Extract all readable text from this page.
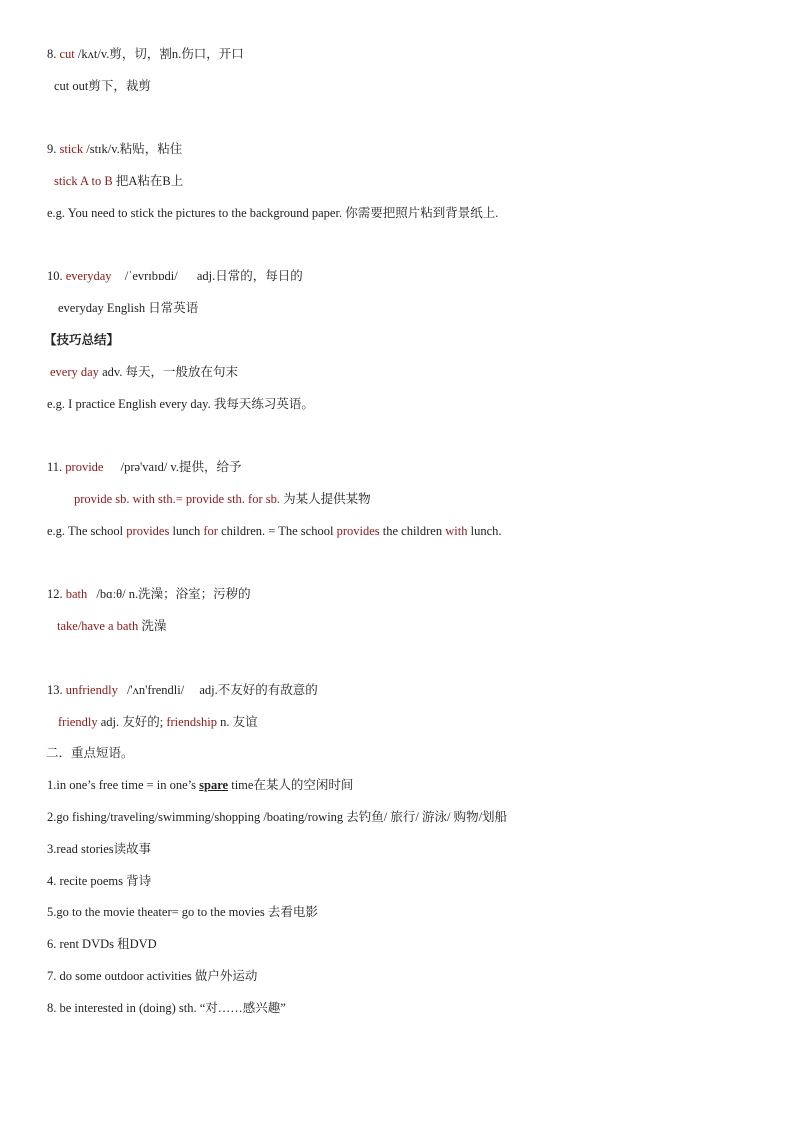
8. cut /kʌt/v.剪，切，割n.伤口，开口
cut out剪下，裁剪
9. stick /stɪk/v.粘贴，粘住
stick A to B 把A粘在B上
e.g. You need to stick the pictures to the background paper. 你需要把照片粘到背景纸上.
10. everyday /ˈevrɪbɒdi/ adj.日常的，每日的
everyday English 日常英语
【技巧总结】
every day adv. 每天，一般放在句末
e.g. I practice English every day. 我每天练习英语。
11. provide /prə'vaɪd/ v.提供，给予
provide sb. with sth.= provide sth. for sb. 为某人提供某物
e.g. The school provides lunch for children. = The school provides the children with lunch.
12. bath /bɑːθ/ n.洗澡；浴室；污秽的
take/have a bath 洗澡
13. unfriendly /'ʌn'frendli/ adj.不友好的有敌意的
friendly adj. 友好的; friendship n. 友谊
二．重点短语。
1.in one’s free time = in one’s spare time在某人的空闲时间
2.go fishing/traveling/swimming/shopping /boating/rowing 去钓鱼/ 旅行/ 游泳/ 购物/划船
3.read stories读故事
4. recite poems 背诗
5.go to the movie theater= go to the movies 去看电影
6. rent DVDs 租DVD
7. do some outdoor activities 做户外运动
8. be interested in (doing) sth. “对……感兴趣”
